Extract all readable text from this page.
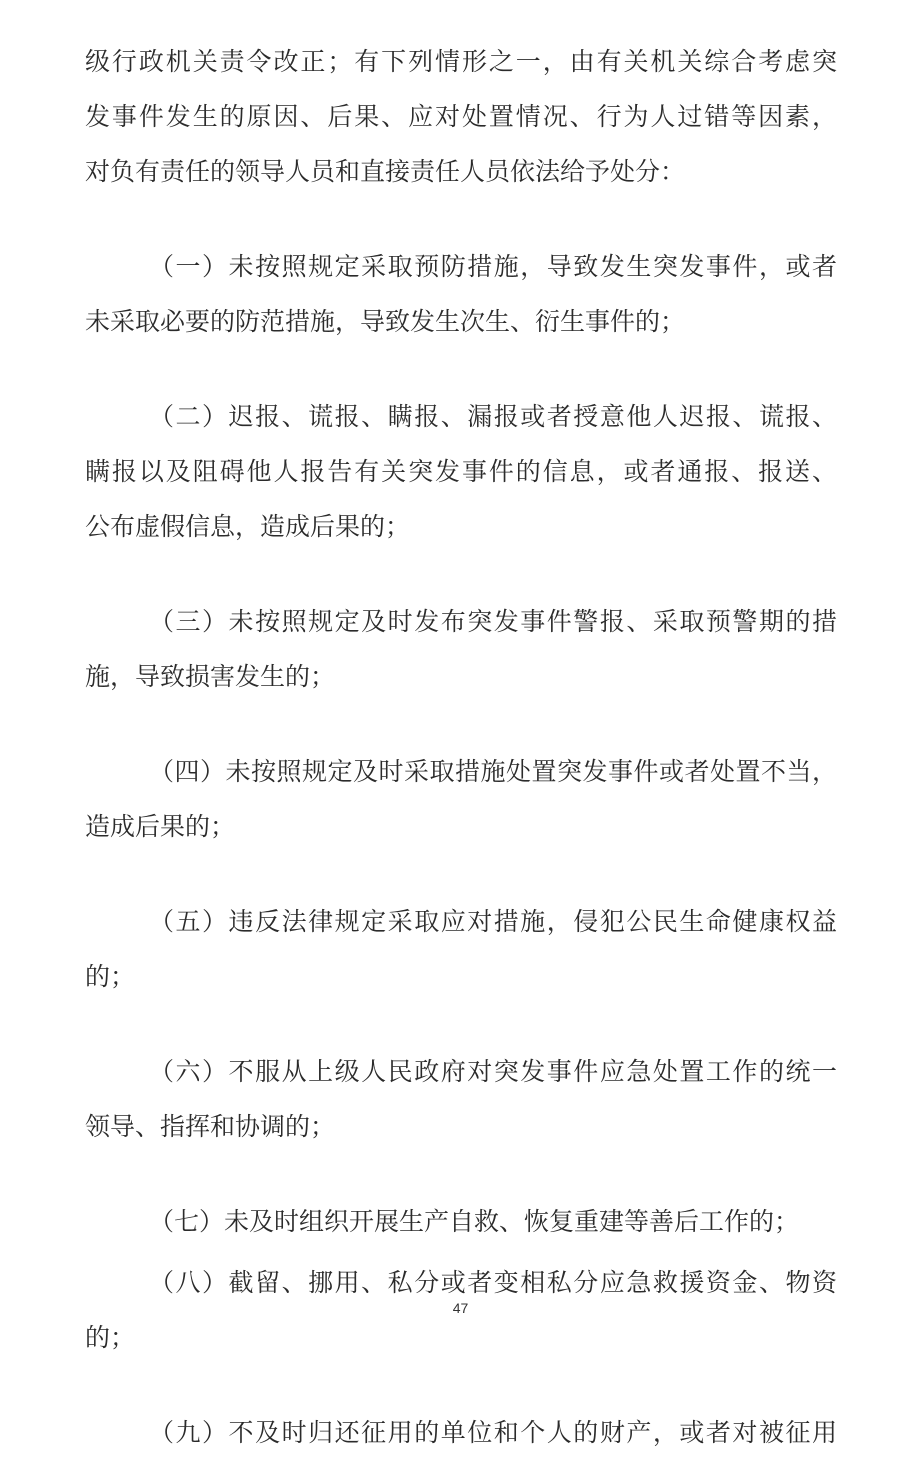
级行政机关责令改正；有下列情形之一，由有关机关综合考虑突
发事件发生的原因、后果、应对处置情况、行为人过错等因素，
对负有责任的领导人员和直接责任人员依法给予处分：
（一）未按照规定采取预防措施，导致发生突发事件，或者
未采取必要的防范措施，导致发生次生、衍生事件的；
（二）迟报、谎报、瞒报、漏报或者授意他人迟报、谎报、
瞒报以及阻碍他人报告有关突发事件的信息，或者通报、报送、
公布虚假信息，造成后果的；
（三）未按照规定及时发布突发事件警报、采取预警期的措
施，导致损害发生的；
（四）未按照规定及时采取措施处置突发事件或者处置不当，
造成后果的；
（五）违反法律规定采取应对措施，侵犯公民生命健康权益
的；
（六）不服从上级人民政府对突发事件应急处置工作的统一
领导、指挥和协调的；
（七）未及时组织开展生产自救、恢复重建等善后工作的；
（八）截留、挪用、私分或者变相私分应急救援资金、物资
的；
（九）不及时归还征用的单位和个人的财产，或者对被征用
47
